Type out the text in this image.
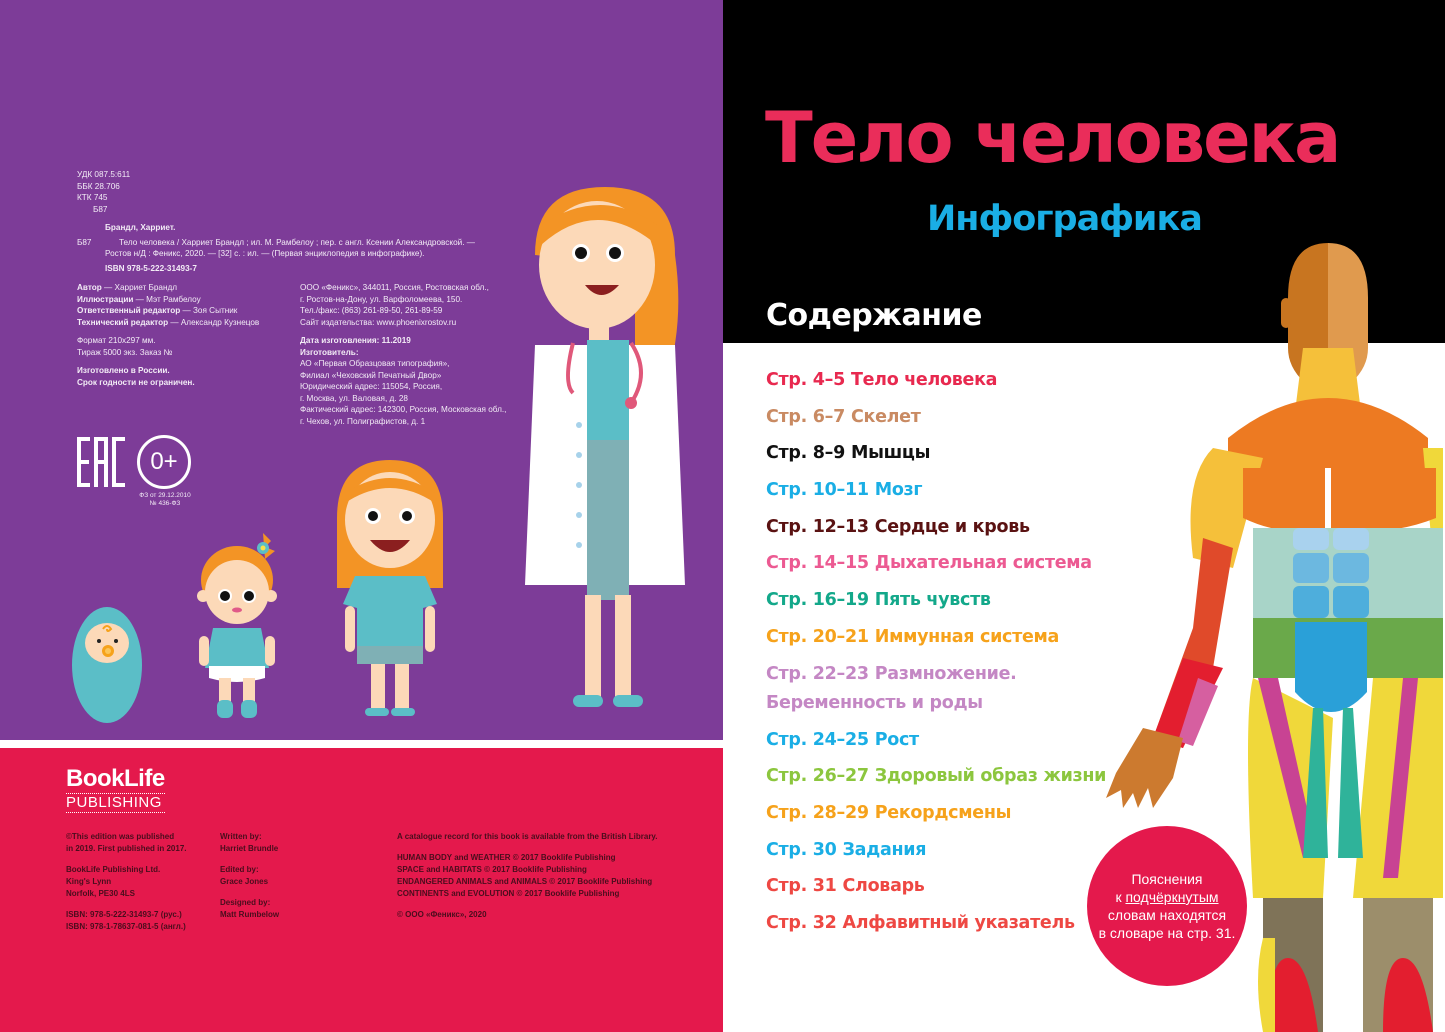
УДК 087.5:611
ББК 28.706
КТК 745
Б87
Брандл, Харриет.
Б87	Тело человека / Харриет Брандл ; ил. М. Рамбелоу ; пер. с англ. Ксении Александровской. —
Ростов н/Д : Феникс, 2020. — [32] с. : ил. — (Первая энциклопедия в инфографике).
ISBN 978-5-222-31493-7

Автор — Харриет Брандл
Иллюстрации — Мэт Рамбелоу
Ответственный редактор — Зоя Сытник
Технический редактор — Александр Кузнецов

Формат 210х297 мм.
Тираж 5000 экз. Заказ №

Изготовлено в России.
Срок годности не ограничен.

ООО «Феникс», 344011, Россия, Ростовская обл.,
г. Ростов-на-Дону, ул. Варфоломеева, 150.
Тел./факс: (863) 261-89-50, 261-89-59
Сайт издательства: www.phoenixrostov.ru

Дата изготовления: 11.2019
Изготовитель:
АО «Первая Образцовая типография»,
Филиал «Чеховский Печатный Двор»
Юридический адрес: 115054, Россия,
г. Москва, ул. Валовая, д. 28
Фактический адрес: 142300, Россия, Московская обл.,
г. Чехов, ул. Полиграфистов, д. 1

0+
ФЗ от 29.12.2010
№ 436-ФЗ
BookLife
PUBLISHING

©This edition was published
in 2019. First published in 2017.

BookLife Publishing Ltd.
King's Lynn
Norfolk, PE30 4LS

ISBN: 978-5-222-31493-7 (рус.)
ISBN: 978-1-78637-081-5 (англ.)

Written by:
Harriet Brundle

Edited by:
Grace Jones

Designed by:
Matt Rumbelow

A catalogue record for this book is available from the British Library.

HUMAN BODY and WEATHER © 2017 Booklife Publishing
SPACE and HABITATS © 2017 Booklife Publishing
ENDANGERED ANIMALS and ANIMALS © 2017 Booklife Publishing
CONTINENTS and EVOLUTION © 2017 Booklife Publishing

© ООО «Феникс», 2020

Тело человека
Инфографика
Содержание
Стр. 4–5 Тело человека
Стр. 6–7 Скелет
Стр. 8–9 Мышцы
Стр. 10–11 Мозг
Стр. 12–13 Сердце и кровь
Стр. 14–15 Дыхательная система
Стр. 16–19 Пять чувств
Стр. 20–21 Иммунная система
Стр. 22–23 Размножение.
Беременность и роды
Стр. 24–25 Рост
Стр. 26–27 Здоровый образ жизни
Стр. 28–29 Рекордсмены
Стр. 30 Задания
Стр. 31 Словарь
Стр. 32 Алфавитный указатель
Пояснения
к подчёркнутым
словам находятся
в словаре на стр. 31.
